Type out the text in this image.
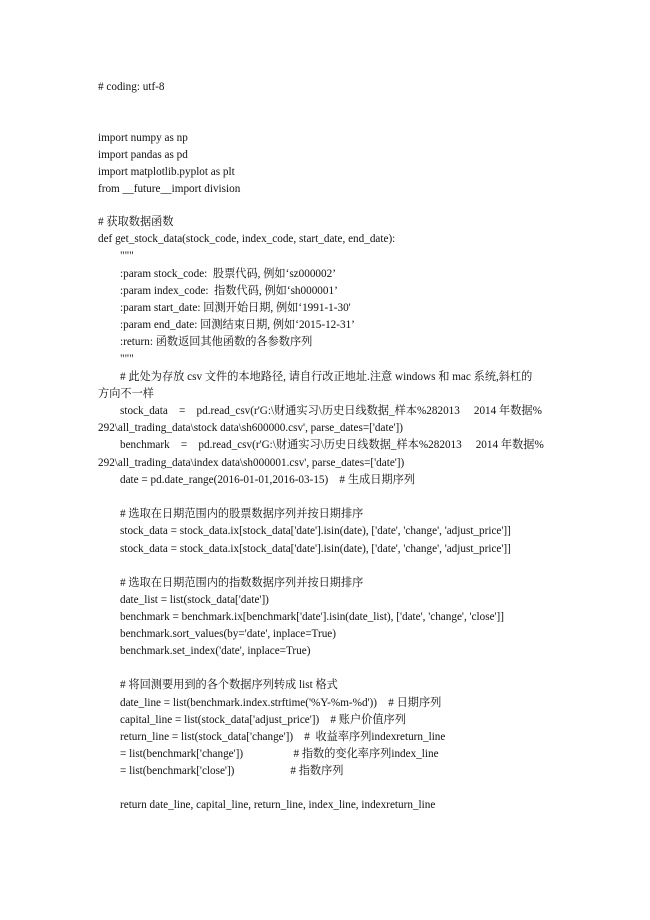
# coding: utf-8
import numpy as np
import pandas as pd
import matplotlib.pyplot as plt
from __future__import division
# 获取数据函数
def get_stock_data(stock_code, index_code, start_date, end_date):
"""
:param stock_code:  股票代码, 例如‘sz000002’
:param index_code:  指数代码, 例如‘sh000001’
:param start_date: 回测开始日期, 例如‘1991-1-30'
:param end_date: 回测结束日期, 例如‘2015-12-31’
:return: 函数返回其他函数的各参数序列
"""
# 此处为存放 csv 文件的本地路径, 请自行改正地址.注意 windows 和 mac 系统,斜杠的
方向不一样
stock_data    =    pd.read_csv(r'G:\财通实习\历史日线数据_样本%282013     2014 年数据%
292\all_trading_data\stock data\sh600000.csv', parse_dates=['date'])
benchmark    =    pd.read_csv(r'G:\财通实习\历史日线数据_样本%282013     2014 年数据%
292\all_trading_data\index data\sh000001.csv', parse_dates=['date'])
date = pd.date_range(2016-01-01,2016-03-15)    # 生成日期序列
# 选取在日期范围内的股票数据序列并按日期排序
stock_data = stock_data.ix[stock_data['date'].isin(date), ['date', 'change', 'adjust_price']]
stock_data = stock_data.ix[stock_data['date'].isin(date), ['date', 'change', 'adjust_price']]
# 选取在日期范围内的指数数据序列并按日期排序
date_list = list(stock_data['date'])
benchmark = benchmark.ix[benchmark['date'].isin(date_list), ['date', 'change', 'close']]
benchmark.sort_values(by='date', inplace=True)
benchmark.set_index('date', inplace=True)
# 将回测要用到的各个数据序列转成 list 格式
date_line = list(benchmark.index.strftime('%Y-%m-%d'))    # 日期序列
capital_line = list(stock_data['adjust_price'])    # 账户价值序列
return_line = list(stock_data['change'])    #  收益率序列indexreturn_line
= list(benchmark['change'])                  # 指数的变化率序列index_line
= list(benchmark['close'])                    # 指数序列
return date_line, capital_line, return_line, index_line, indexreturn_line
